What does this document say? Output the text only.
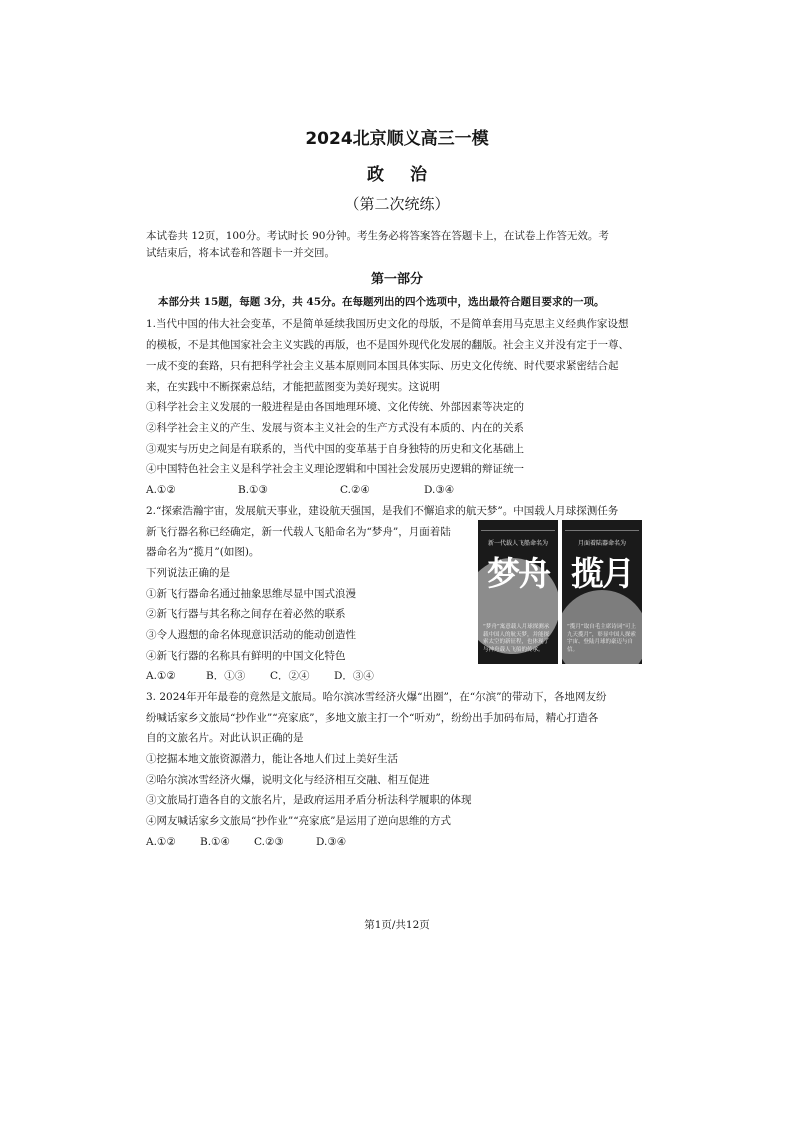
2024北京顺义高三一模
政治
（第二次统练）
本试卷共 12页，100分。考试时长 90分钟。考生务必将答案答在答题卡上，在试卷上作答无效。考
试结束后，将本试卷和答题卡一并交回。
第一部分
本部分共 15题，每题 3分，共 45分。在每题列出的四个选项中，选出最符合题目要求的一项。
1.当代中国的伟大社会变革，不是简单延续我国历史文化的母版，不是简单套用马克思主义经典作家设想
的模板，不是其他国家社会主义实践的再版，也不是国外现代化发展的翻版。社会主义并没有定于一尊、
一成不变的套路，只有把科学社会主义基本原则同本国具体实际、历史文化传统、时代要求紧密结合起
来，在实践中不断探索总结，才能把蓝图变为美好现实。这说明
①科学社会主义发展的一般进程是由各国地理环境、文化传统、外部因素等决定的
②科学社会主义的产生、发展与资本主义社会的生产方式没有本质的、内在的关系
③观实与历史之间是有联系的，当代中国的变革基于自身独特的历史和文化基础上
④中国特色社会主义是科学社会主义理论逻辑和中国社会发展历史逻辑的辩证统一
A.①②	B.①③	C.②④	D.③④
2.“探索浩瀚宇宙，发展航天事业，建设航天强国，是我们不懈追求的航天梦”。中国载人月球探测任务
新飞行器名称已经确定，新一代载人飞船命名为“梦舟”，月面着陆
器命名为“揽月”(如图)。
下列说法正确的是
①新飞行器命名通过抽象思维尽显中国式浪漫
②新飞行器与其名称之间存在着必然的联系
③令人遐想的命名体现意识活动的能动创造性
④新飞行器的名称具有鲜明的中国文化特色
A.①②	B．①③ C．②④ D．③④
新一代载人飞船命名为
梦舟
“梦舟”寓意载人月球探测承载中国人的航天梦，并能探索太空的新征程，也体现了与神舟载人飞船的传承。
月面着陆器命名为
揽月
“揽月”取自毛主席诗词“可上九天揽月”，彰显中国人探索宇宙、登陆月球的豪迈与自信。
3. 2024年开年最卷的竟然是文旅局。哈尔滨冰雪经济火爆“出圈”，在“尔滨”的带动下，各地网友纷
纷喊话家乡文旅局“抄作业”“亮家底”，多地文旅主打一个“听劝”，纷纷出手加码布局，精心打造各
自的文旅名片。对此认识正确的是
①挖掘本地文旅资源潜力，能让各地人们过上美好生活
②哈尔滨冰雪经济火爆，说明文化与经济相互交融、相互促进
③文旅局打造各自的文旅名片，是政府运用矛盾分析法科学履职的体现
④网友喊话家乡文旅局“抄作业”“亮家底”是运用了逆向思维的方式
A.①② B.①④ C.②③	D.③④
第1页/共12页
